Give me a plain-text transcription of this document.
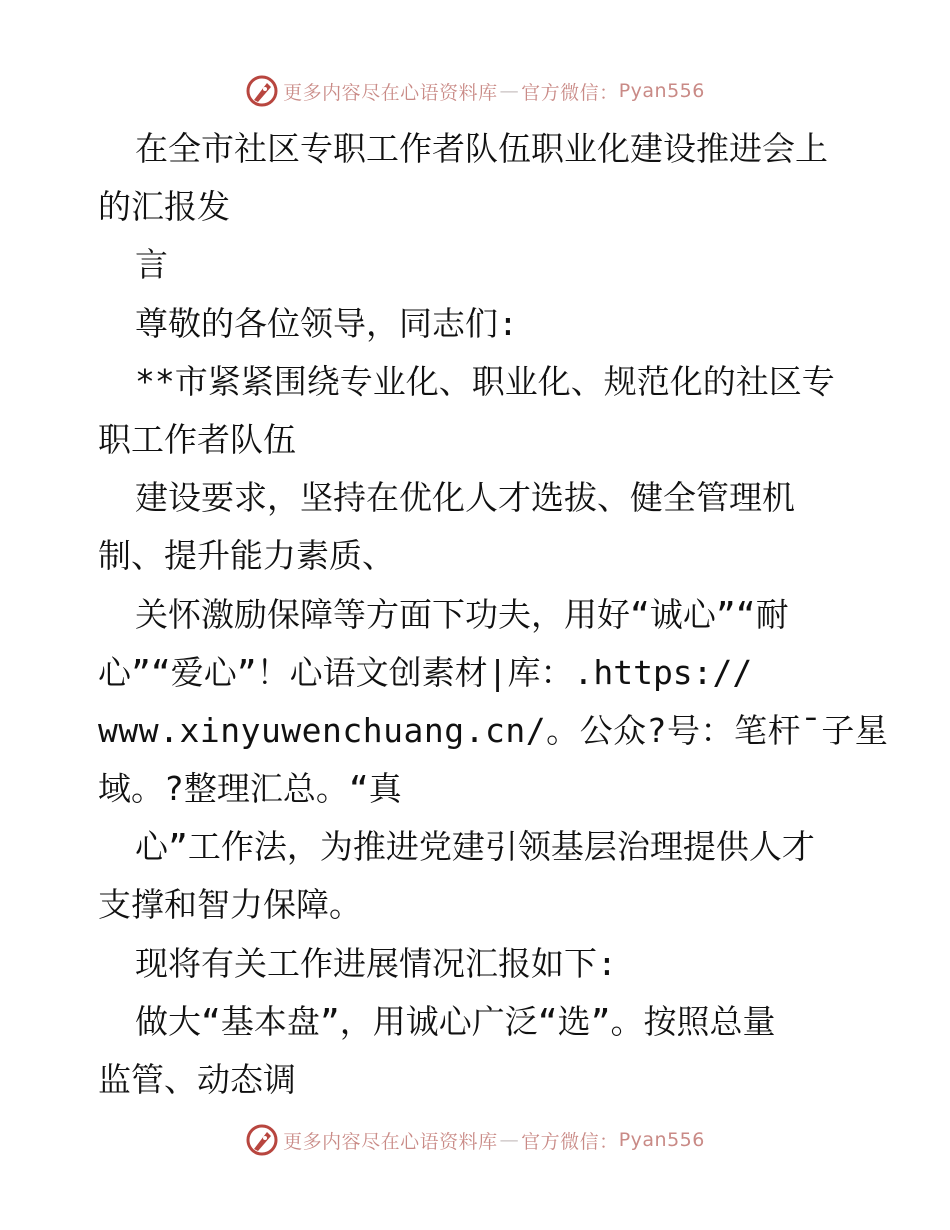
更多内容尽在心语资料库 — 官方微信： Pyan556
在全市社区专职工作者队伍职业化建设推进会上
的汇报发
言
尊敬的各位领导，同志们:
**市紧紧围绕专业化、职业化、规范化的社区专
职工作者队伍
建设要求，坚持在优化人才选拔、健全管理机
制、提升能力素质、
关怀激励保障等方面下功夫，用好“诚心”“耐
心”“爱心”！心语文创素材|库：.https://
www.xinyuwenchuang.cn/。公众?号：笔杆¯子星
域。?整理汇总。“真
心”工作法，为推进党建引领基层治理提供人才
支撑和智力保障。
现将有关工作进展情况汇报如下:
做大“基本盘”，用诚心广泛“选”。按照总量
监管、动态调
更多内容尽在心语资料库 — 官方微信： Pyan556
